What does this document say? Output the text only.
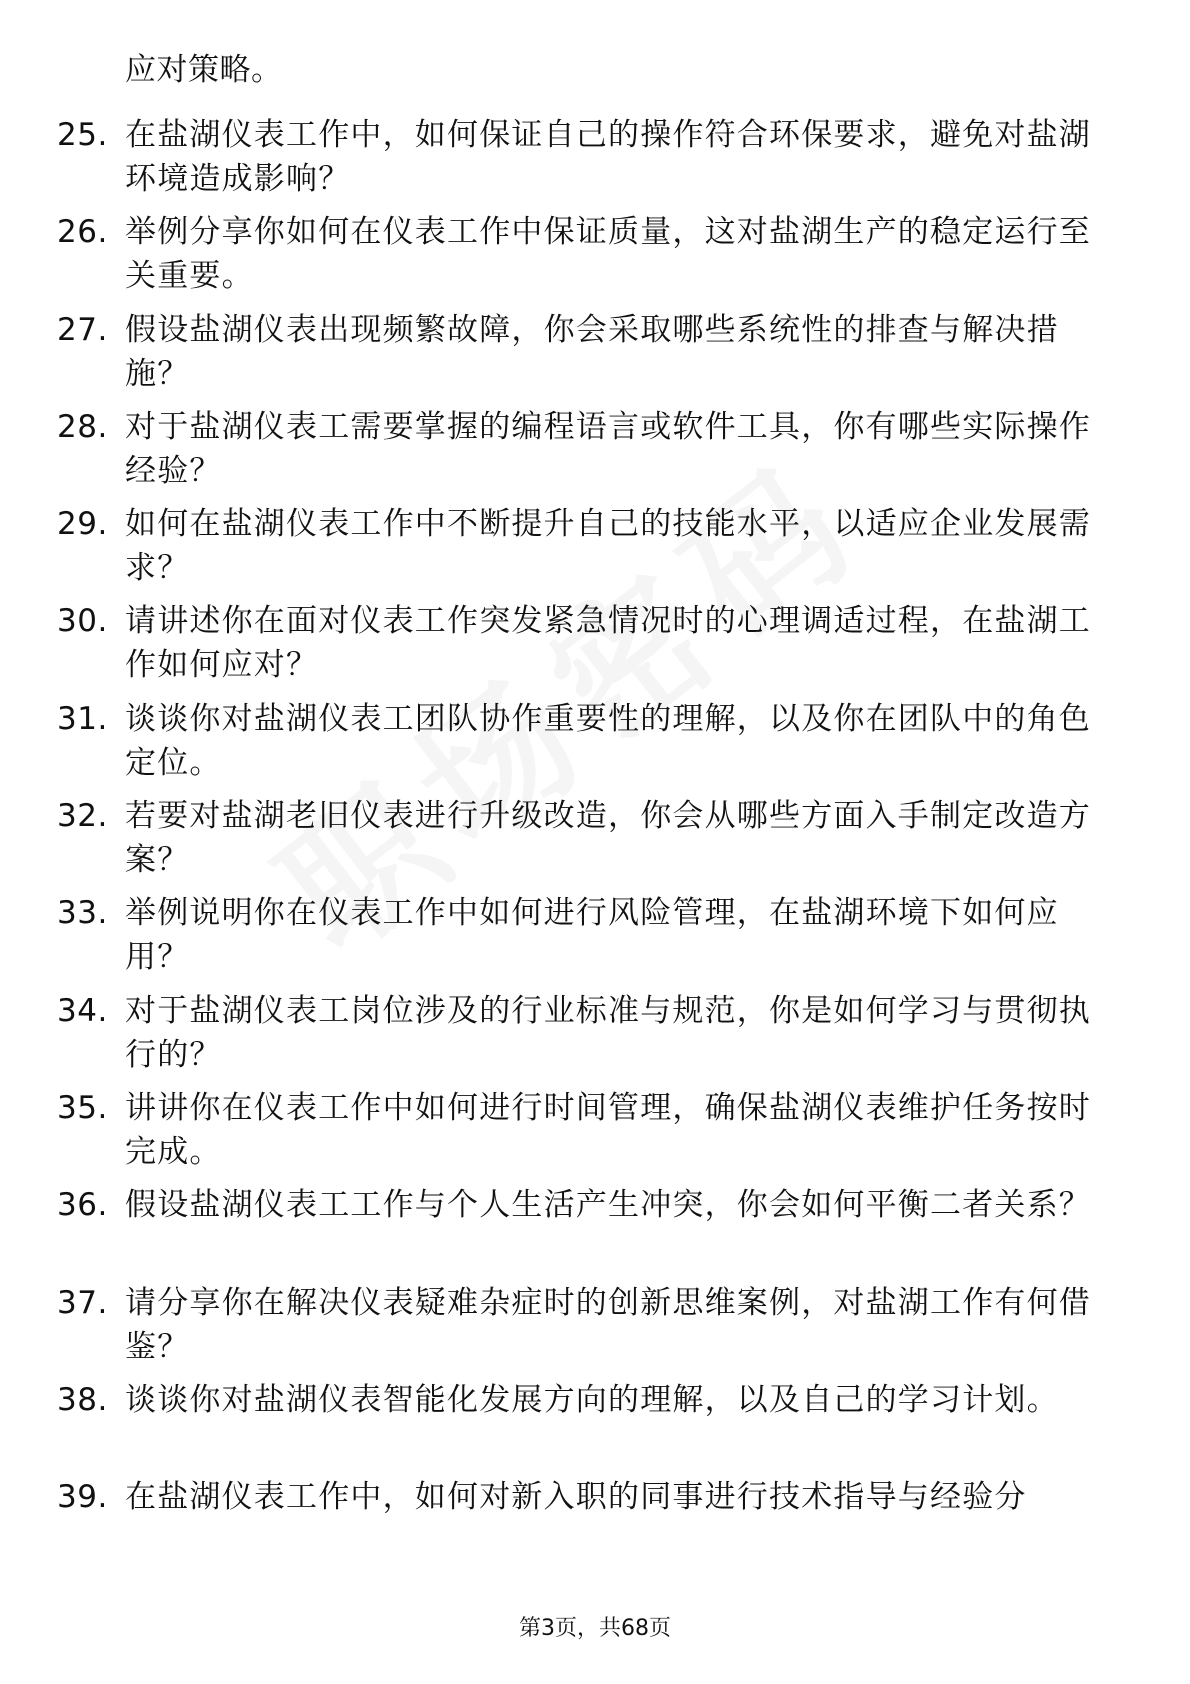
应对策略。

25. 在盐湖仪表工作中，如何保证自己的操作符合环保要求，避免对盐湖环境造成影响？

26. 举例分享你如何在仪表工作中保证质量，这对盐湖生产的稳定运行至关重要。

27. 假设盐湖仪表出现频繁故障，你会采取哪些系统性的排查与解决措施？

28. 对于盐湖仪表工需要掌握的编程语言或软件工具，你有哪些实际操作经验？

29. 如何在盐湖仪表工作中不断提升自己的技能水平，以适应企业发展需求？

30. 请讲述你在面对仪表工作突发紧急情况时的心理调适过程，在盐湖工作如何应对？

31. 谈谈你对盐湖仪表工团队协作重要性的理解，以及你在团队中的角色定位。

32. 若要对盐湖老旧仪表进行升级改造，你会从哪些方面入手制定改造方案？

33. 举例说明你在仪表工作中如何进行风险管理，在盐湖环境下如何应用？

34. 对于盐湖仪表工岗位涉及的行业标准与规范，你是如何学习与贯彻执行的？

35. 讲讲你在仪表工作中如何进行时间管理，确保盐湖仪表维护任务按时完成。

36. 假设盐湖仪表工工作与个人生活产生冲突，你会如何平衡二者关系？

37. 请分享你在解决仪表疑难杂症时的创新思维案例，对盐湖工作有何借鉴？

38. 谈谈你对盐湖仪表智能化发展方向的理解，以及自己的学习计划。

39. 在盐湖仪表工作中，如何对新入职的同事进行技术指导与经验分

第3页，共68页
